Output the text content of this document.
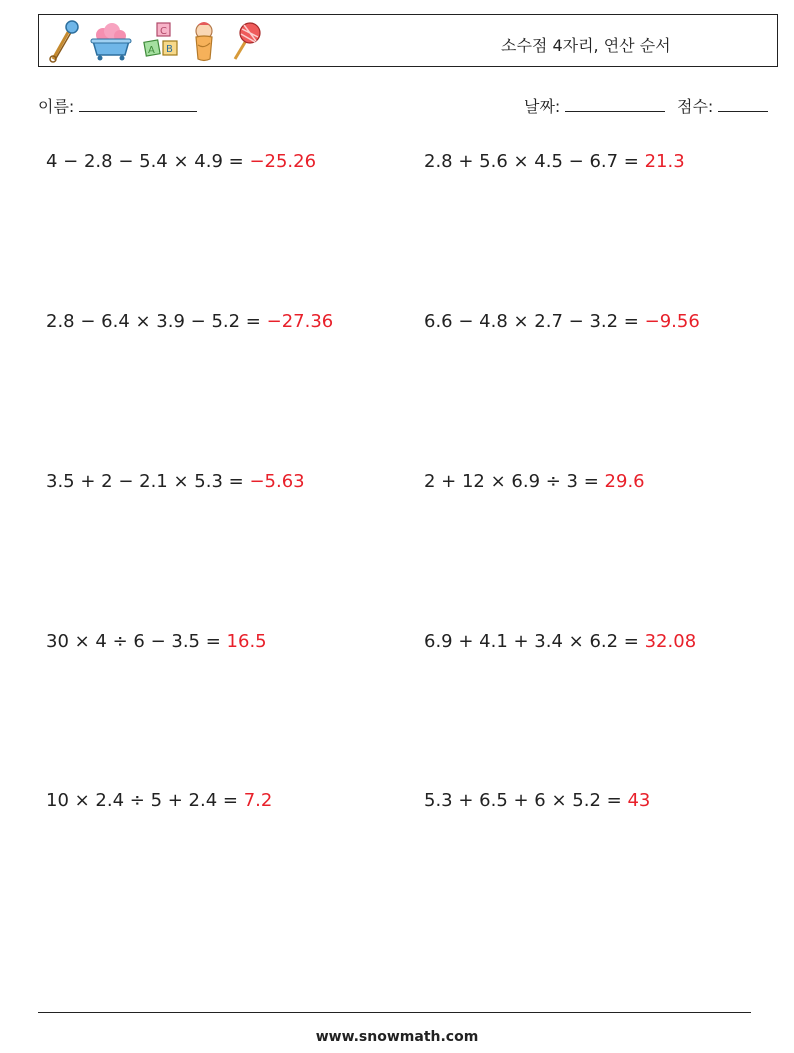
C
A B	소수점 4자리, 연산 순서
이름:	날짜:	점수:
4 − 2.8 − 5.4 × 4.9 = −25.26	2.8 + 5.6 × 4.5 − 6.7 = 21.3
2.8 − 6.4 × 3.9 − 5.2 = −27.36	6.6 − 4.8 × 2.7 − 3.2 = −9.56
3.5 + 2 − 2.1 × 5.3 = −5.63	2 + 12 × 6.9 ÷ 3 = 29.6
30 × 4 ÷ 6 − 3.5 = 16.5	6.9 + 4.1 + 3.4 × 6.2 = 32.08
10 × 2.4 ÷ 5 + 2.4 = 7.2	5.3 + 6.5 + 6 × 5.2 = 43
www.snowmath.com
